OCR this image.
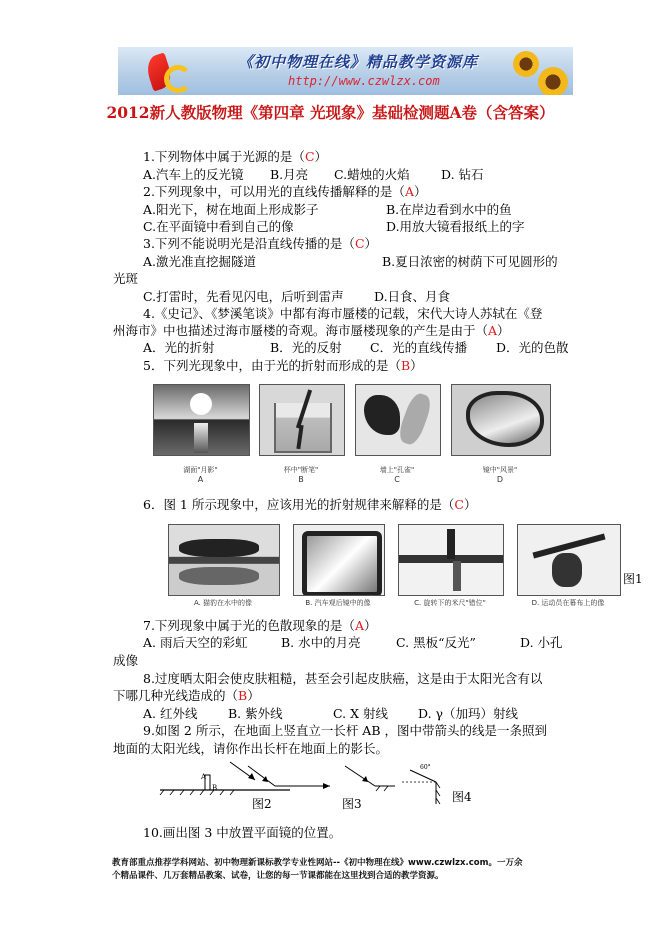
《初中物理在线》精品教学资源库
http://www.czwlzx.com
2012新人教版物理《第四章 光现象》基础检测题A卷（含答案）
1.下列物体中属于光源的是（C）
A.汽车上的反光镜 B.月亮 C.蜡烛的火焰	D. 钻石
2.下列现象中，可以用光的直线传播解释的是（A）
A.阳光下，树在地面上形成影子	B.在岸边看到水中的鱼
C.在平面镜中看到自己的像	D.用放大镜看报纸上的字
3.下列不能说明光是沿直线传播的是（C）
A.激光准直挖掘隧道	B.夏日浓密的树荫下可见圆形的
光斑
C.打雷时，先看见闪电，后听到雷声 D.日食、月食
4.《史记》、《梦溪笔谈》中都有海市蜃楼的记载，宋代大诗人苏轼在《登
州海市》中也描述过海市蜃楼的奇观。海市蜃楼现象的产生是由于（A）
A．光的折射	B．光的反射 C．光的直线传播 D．光的色散
5．下列光现象中，由于光的折射而形成的是（B）
湖面"月影"	杯中"断笔"	墙上"孔雀"	镜中"风景"
A	B	C	D
6．图 1 所示现象中，应该用光的折射规律来解释的是（C）
A. 猫豹在水中的像	B. 汽车观后镜中的像	C. 旋转下的米尺"错位"	D. 运动员在幕布上的像
图1
7.下列现象中属于光的色散现象的是（A）
A. 雨后天空的彩虹	B. 水中的月亮	C. 黑板“反光”	D. 小孔
成像
8.过度晒太阳会使皮肤粗糙，甚至会引起皮肤癌，这是由于太阳光含有以
下哪几种光线造成的（B）
A. 红外线 B. 紫外线	C. X 射线 D. γ（加玛）射线
9.如图 2 所示，在地面上竖直立一长杆 AB ，图中带箭头的线是一条照到
地面的太阳光线，请你作出长杆在地面上的影长。
A
B
60°
图2	图3	图4
10.画出图 3 中放置平面镜的位置。
教育部重点推荐学科网站、初中物理新课标教学专业性网站--《初中物理在线》www.czwlzx.com。一万余
个精品课件、几万套精品教案、试卷，让您的每一节课都能在这里找到合适的教学资源。
